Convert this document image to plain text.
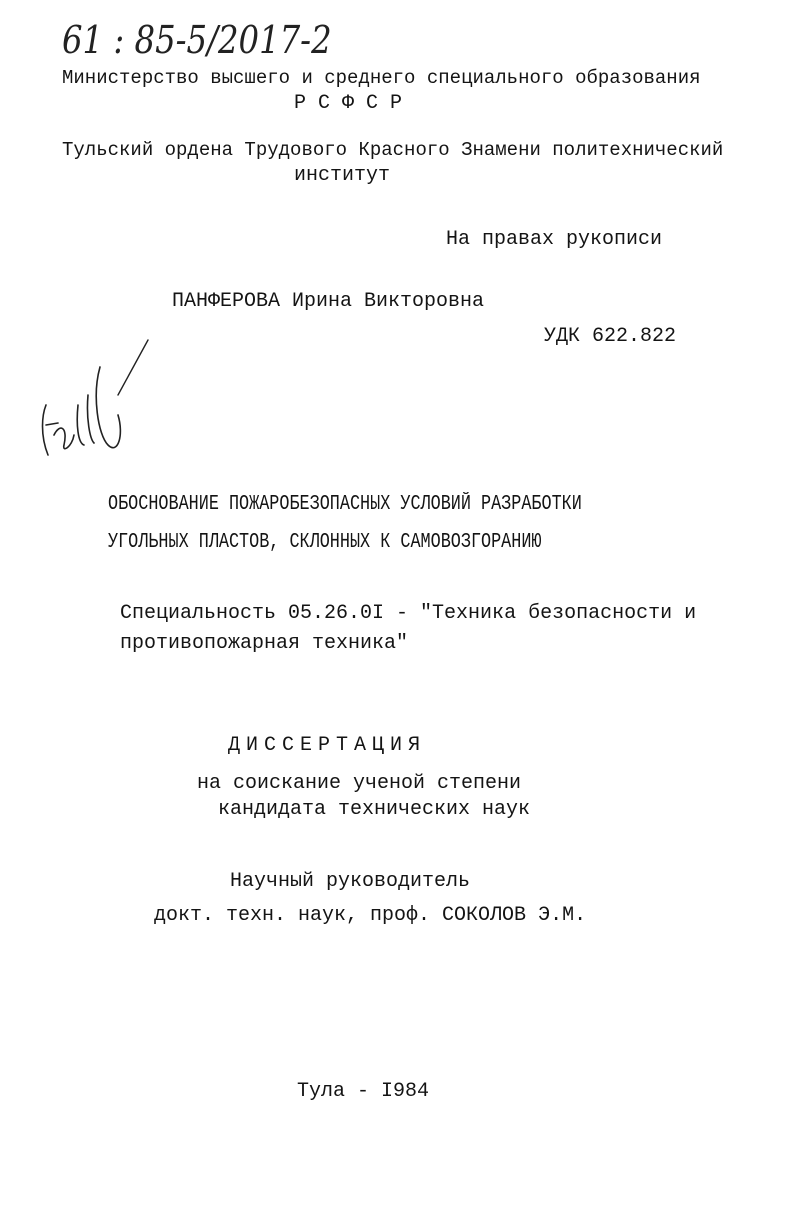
61 : 85-5/2017-2
Министерство высшего и среднего специального образования
Р С Ф С Р
Тульский ордена Трудового Красного Знамени политехнический
институт
На правах рукописи
ПАНФЕРОВА Ирина Викторовна
УДК 622.822
ОБОСНОВАНИЕ ПОЖАРОБЕЗОПАСНЫХ УСЛОВИЙ РАЗРАБОТКИ
УГОЛЬНЫХ ПЛАСТОВ, СКЛОННЫХ К САМОВОЗГОРАНИЮ
Специальность 05.26.0I - "Техника безопасности и
противопожарная техника"
ДИССЕРТАЦИЯ
на соискание ученой степени
кандидата технических наук
Научный руководитель
докт. техн. наук, проф. СОКОЛОВ Э.М.
Тула - I984
